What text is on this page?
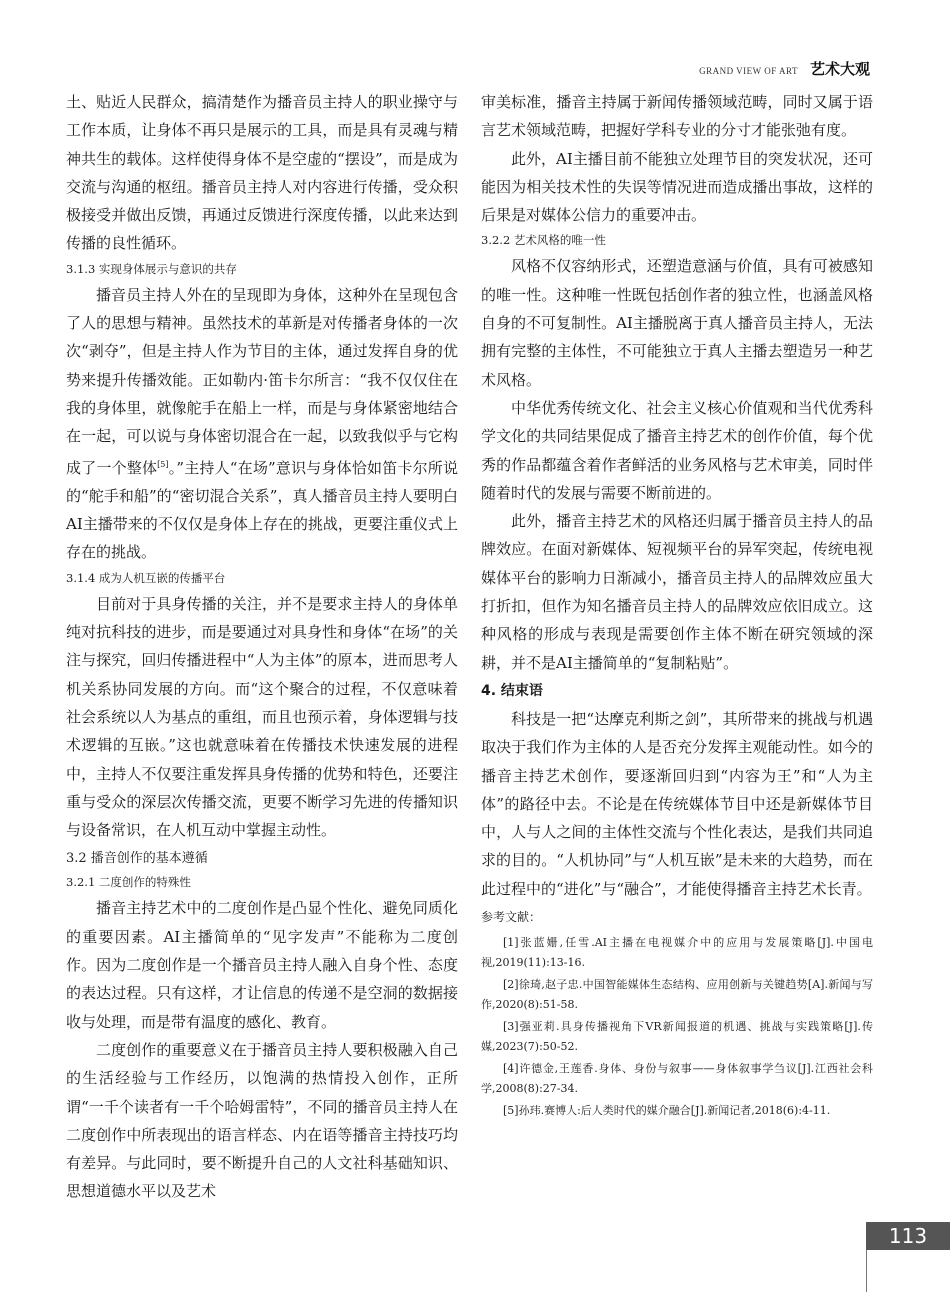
GRAND VIEW OF ART 艺术大观

土、贴近人民群众，搞清楚作为播音员主持人的职业操守与工作本质，让身体不再只是展示的工具，而是具有灵魂与精神共生的载体。这样使得身体不是空虚的“摆设”，而是成为交流与沟通的枢纽。播音员主持人对内容进行传播，受众积极接受并做出反馈，再通过反馈进行深度传播，以此来达到传播的良性循环。

3.1.3 实现身体展示与意识的共存

播音员主持人外在的呈现即为身体，这种外在呈现包含了人的思想与精神。虽然技术的革新是对传播者身体的一次次“剥夺”，但是主持人作为节目的主体，通过发挥自身的优势来提升传播效能。正如勒内·笛卡尔所言：“我不仅仅住在我的身体里，就像舵手在船上一样，而是与身体紧密地结合在一起，可以说与身体密切混合在一起，以致我似乎与它构成了一个整体[5]。”主持人“在场”意识与身体恰如笛卡尔所说的“舵手和船”的“密切混合关系”，真人播音员主持人要明白AI主播带来的不仅仅是身体上存在的挑战，更要注重仪式上存在的挑战。

3.1.4 成为人机互嵌的传播平台

目前对于具身传播的关注，并不是要求主持人的身体单纯对抗科技的进步，而是要通过对具身性和身体“在场”的关注与探究，回归传播进程中“人为主体”的原本，进而思考人机关系协同发展的方向。而“这个聚合的过程，不仅意味着社会系统以人为基点的重组，而且也预示着，身体逻辑与技术逻辑的互嵌。”这也就意味着在传播技术快速发展的进程中，主持人不仅要注重发挥具身传播的优势和特色，还要注重与受众的深层次传播交流，更要不断学习先进的传播知识与设备常识，在人机互动中掌握主动性。

3.2 播音创作的基本遵循
3.2.1 二度创作的特殊性

播音主持艺术中的二度创作是凸显个性化、避免同质化的重要因素。AI主播简单的“见字发声”不能称为二度创作。因为二度创作是一个播音员主持人融入自身个性、态度的表达过程。只有这样，才让信息的传递不是空洞的数据接收与处理，而是带有温度的感化、教育。

二度创作的重要意义在于播音员主持人要积极融入自己的生活经验与工作经历，以饱满的热情投入创作，正所谓“一千个读者有一千个哈姆雷特”，不同的播音员主持人在二度创作中所表现出的语言样态、内在语等播音主持技巧均有差异。与此同时，要不断提升自己的人文社科基础知识、思想道德水平以及艺术

审美标准，播音主持属于新闻传播领域范畴，同时又属于语言艺术领域范畴，把握好学科专业的分寸才能张弛有度。

此外，AI主播目前不能独立处理节目的突发状况，还可能因为相关技术性的失误等情况进而造成播出事故，这样的后果是对媒体公信力的重要冲击。

3.2.2 艺术风格的唯一性

风格不仅容纳形式，还塑造意涵与价值，具有可被感知的唯一性。这种唯一性既包括创作者的独立性，也涵盖风格自身的不可复制性。AI主播脱离于真人播音员主持人，无法拥有完整的主体性，不可能独立于真人主播去塑造另一种艺术风格。

中华优秀传统文化、社会主义核心价值观和当代优秀科学文化的共同结果促成了播音主持艺术的创作价值，每个优秀的作品都蕴含着作者鲜活的业务风格与艺术审美，同时伴随着时代的发展与需要不断前进的。

此外，播音主持艺术的风格还归属于播音员主持人的品牌效应。在面对新媒体、短视频平台的异军突起，传统电视媒体平台的影响力日渐减小，播音员主持人的品牌效应虽大打折扣，但作为知名播音员主持人的品牌效应依旧成立。这种风格的形成与表现是需要创作主体不断在研究领域的深耕，并不是AI主播简单的“复制粘贴”。

4. 结束语

科技是一把“达摩克利斯之剑”，其所带来的挑战与机遇取决于我们作为主体的人是否充分发挥主观能动性。如今的播音主持艺术创作，要逐渐回归到“内容为王”和“人为主体”的路径中去。不论是在传统媒体节目中还是新媒体节目中，人与人之间的主体性交流与个性化表达，是我们共同追求的目的。“人机协同”与“人机互嵌”是未来的大趋势，而在此过程中的“进化”与“融合”，才能使得播音主持艺术长青。

参考文献：

[1]张蓝姗,任雪.AI主播在电视媒介中的应用与发展策略[J].中国电视,2019(11):13-16.

[2]徐琦,赵子忠.中国智能媒体生态结构、应用创新与关键趋势[A].新闻与写作,2020(8):51-58.

[3]强亚莉.具身传播视角下VR新闻报道的机遇、挑战与实践策略[J].传媒,2023(7):50-52.

[4]许德金,王莲香.身体、身份与叙事——身体叙事学刍议[J].江西社会科学,2008(8):27-34.

[5]孙玮.赛博人:后人类时代的媒介融合[J].新闻记者,2018(6):4-11.

113
